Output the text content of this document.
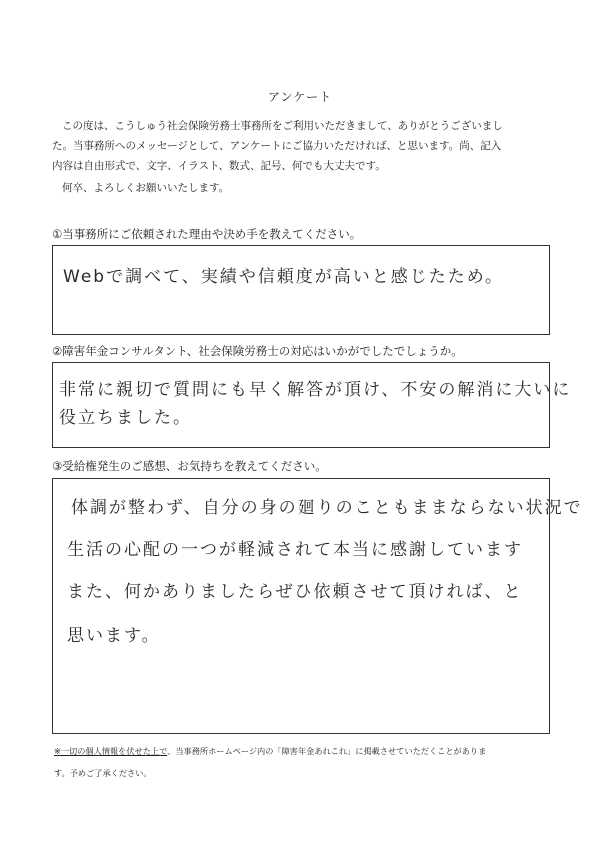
アンケート
この度は、こうしゅう社会保険労務士事務所をご利用いただきまして、ありがとうございまし
た。当事務所へのメッセージとして、アンケートにご協力いただければ、と思います。尚、記入
内容は自由形式で、文字、イラスト、数式、記号、何でも大丈夫です。
何卒、よろしくお願いいたします。
①当事務所にご依頼された理由や決め手を教えてください。
Webで調べて、実績や信頼度が高いと感じたため。
②障害年金コンサルタント、社会保険労務士の対応はいかがでしたでしょうか。
非常に親切で質問にも早く解答が頂け、不安の解消に大いに
役立ちました。
③受給権発生のご感想、お気持ちを教えてください。
体調が整わず、自分の身の廻りのこともままならない状況で
生活の心配の一つが軽減されて本当に感謝しています
また、何かありましたらぜひ依頼させて頂ければ、と
思います。
※一切の個人情報を伏せた上で、当事務所ホームページ内の「障害年金あれこれ」に掲載させていただくことがありま
す。予めご了承ください。
